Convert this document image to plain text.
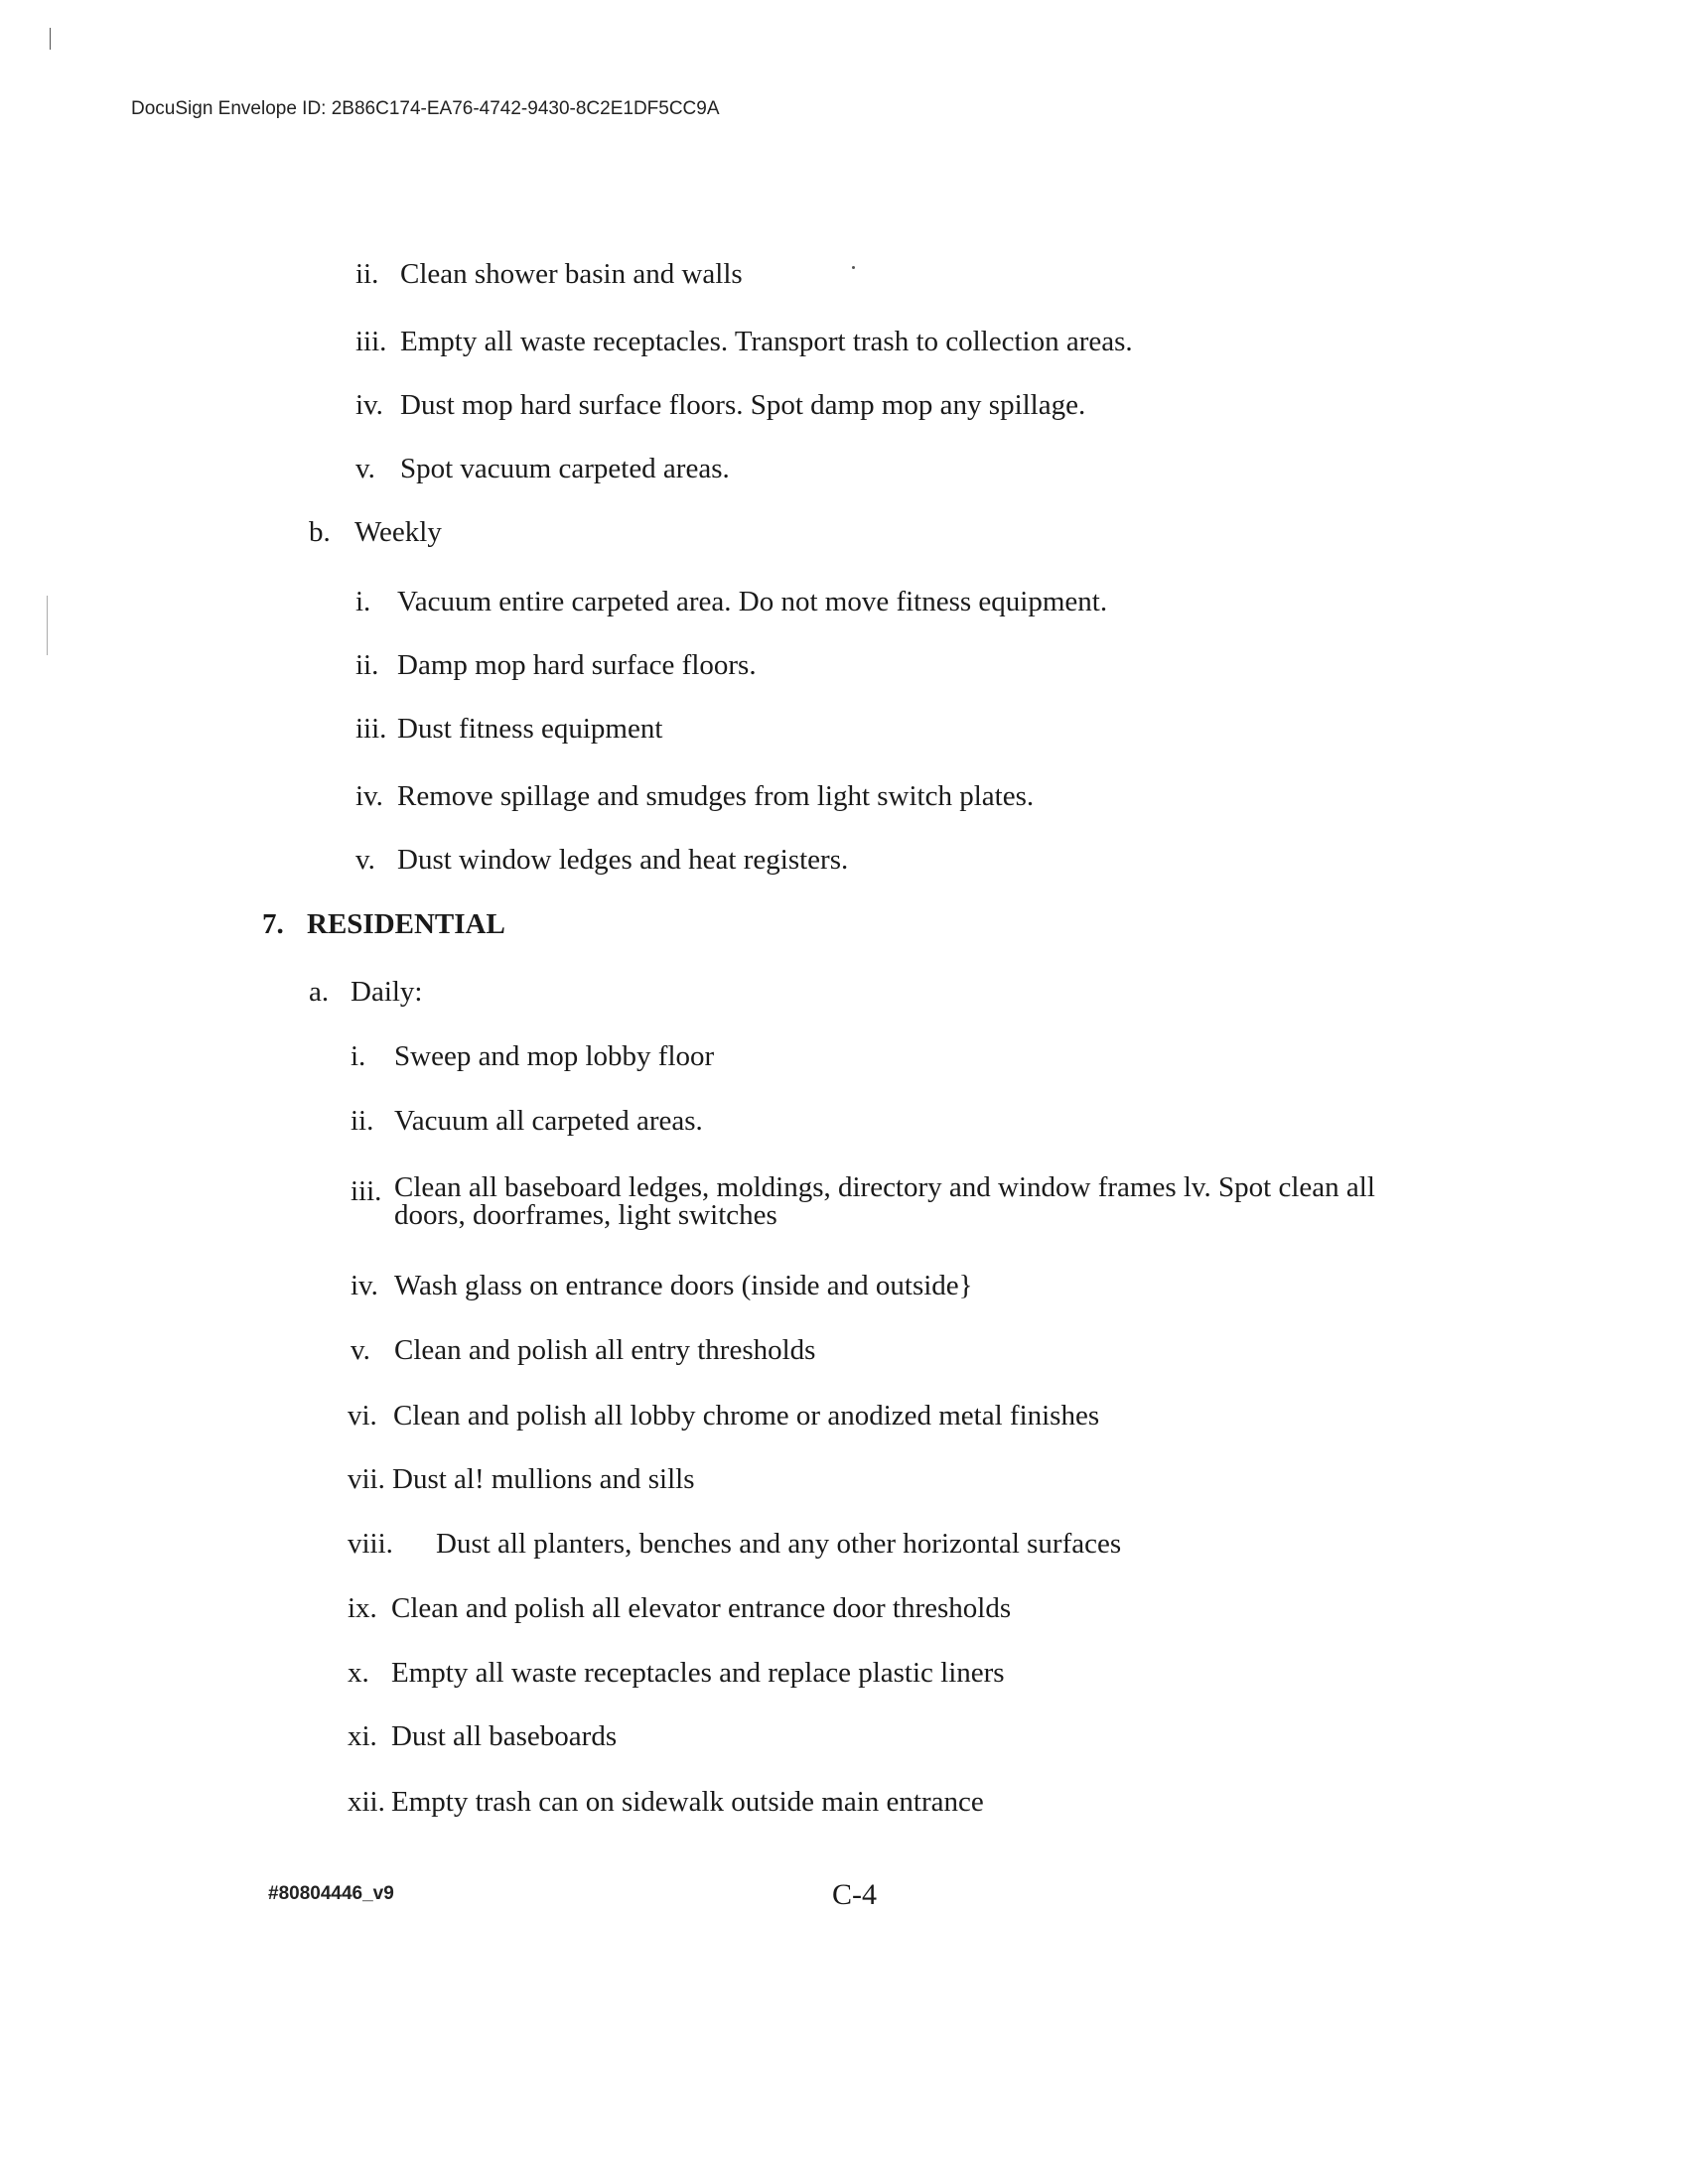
DocuSign Envelope ID: 2B86C174-EA76-4742-9430-8C2E1DF5CC9A
ii. Clean shower basin and walls
iii. Empty all waste receptacles. Transport trash to collection areas.
iv. Dust mop hard surface floors. Spot damp mop any spillage.
v. Spot vacuum carpeted areas.
b. Weekly
i. Vacuum entire carpeted area. Do not move fitness equipment.
ii. Damp mop hard surface floors.
iii. Dust fitness equipment
iv. Remove spillage and smudges from light switch plates.
v. Dust window ledges and heat registers.
7. RESIDENTIAL
a. Daily:
i. Sweep and mop lobby floor
ii. Vacuum all carpeted areas.
iii. Clean all baseboard ledges, moldings, directory and window frames lv. Spot clean all doors, doorframes, light switches
iv. Wash glass on entrance doors (inside and outside}
v. Clean and polish all entry thresholds
vi. Clean and polish all lobby chrome or anodized metal finishes
vii. Dust al! mullions and sills
viii. Dust all planters, benches and any other horizontal surfaces
ix. Clean and polish all elevator entrance door thresholds
x. Empty all waste receptacles and replace plastic liners
xi. Dust all baseboards
xii. Empty trash can on sidewalk outside main entrance
#80804446_v9	C-4
